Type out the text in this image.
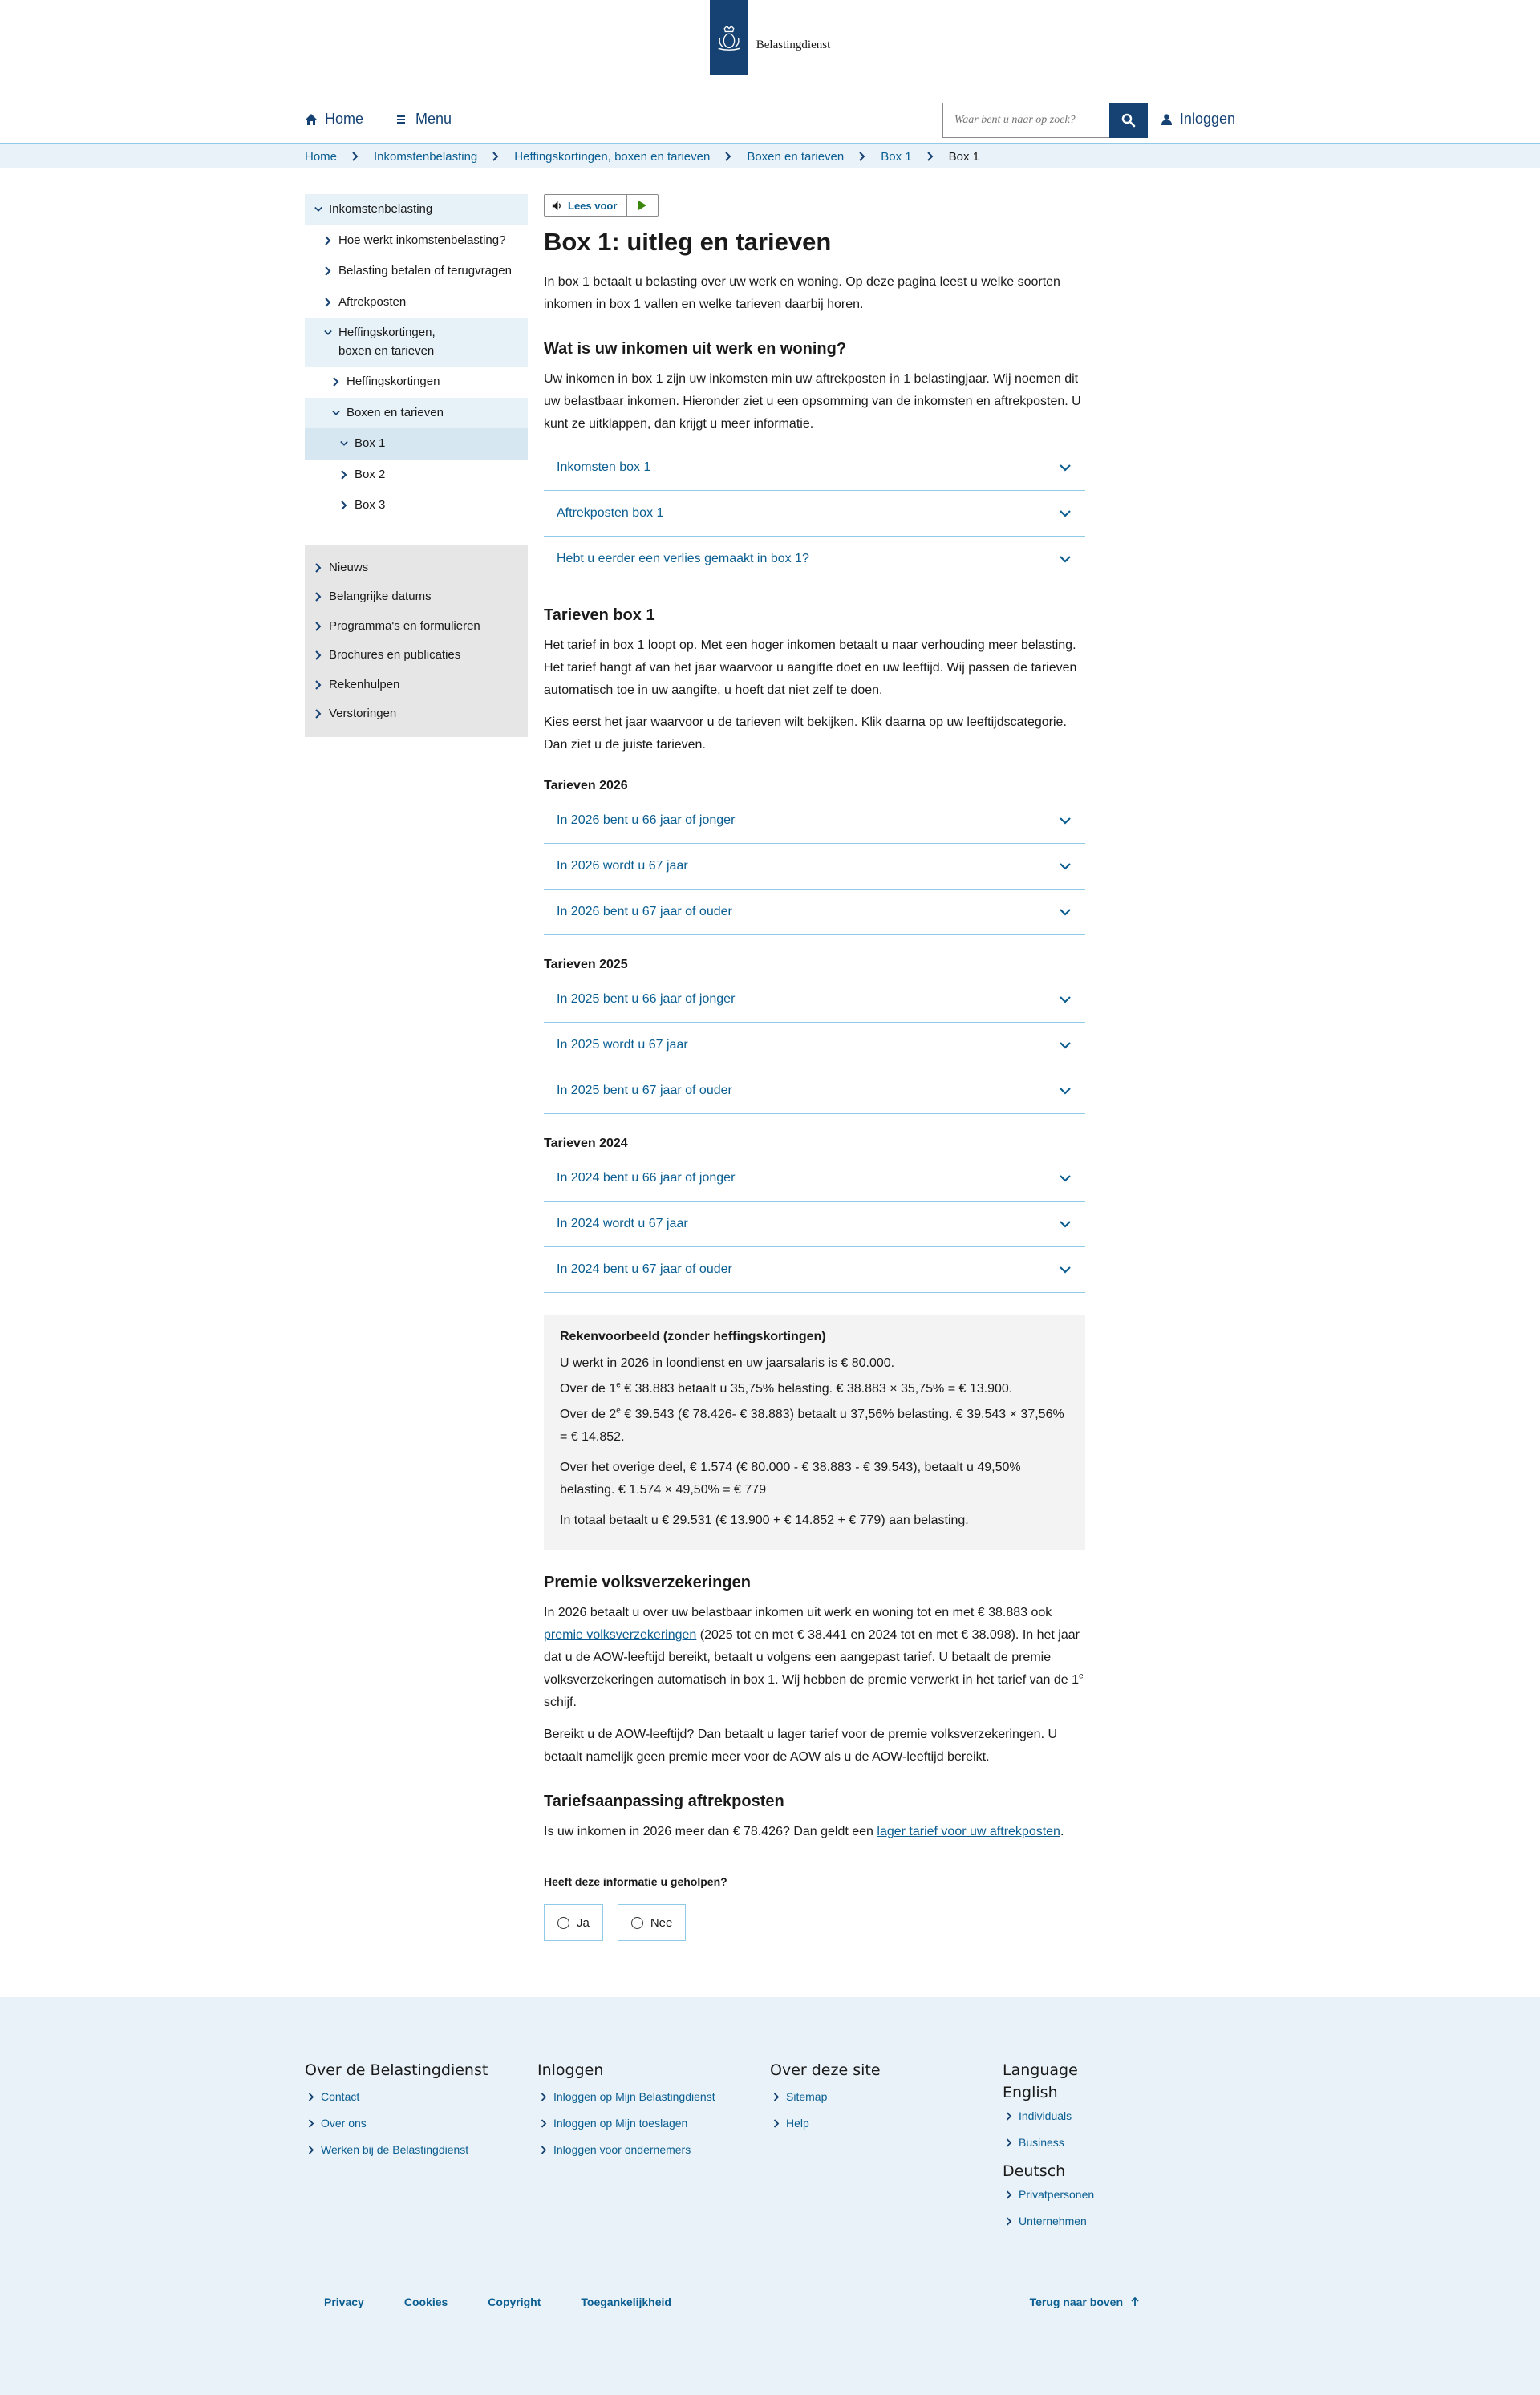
Belastingdienst
Home	Menu
Waar bent u naar op zoek?	Inloggen
Home	Inkomstenbelasting	Heffingskortingen, boxen en tarieven	Boxen en tarieven	Box 1	Box 1
Inkomstenbelasting
Hoe werkt inkomstenbelasting?
Belasting betalen of terugvragen
Aftrekposten
Heffingskortingen, boxen en tarieven
Heffingskortingen
Boxen en tarieven
Box 1
Box 2
Box 3
Nieuws
Belangrijke datums
Programma's en formulieren
Brochures en publicaties
Rekenhulpen
Verstoringen
Lees voor
Box 1: uitleg en tarieven

In box 1 betaalt u belasting over uw werk en woning. Op deze pagina leest u welke soorten inkomen in box 1 vallen en welke tarieven daarbij horen.

Wat is uw inkomen uit werk en woning?

Uw inkomen in box 1 zijn uw inkomsten min uw aftrekposten in 1 belastingjaar. Wij noemen dit uw belastbaar inkomen. Hieronder ziet u een opsomming van de inkomsten en aftrekposten. U kunt ze uitklappen, dan krijgt u meer informatie.

Inkomsten box 1
Aftrekposten box 1
Hebt u eerder een verlies gemaakt in box 1?
Tarieven box 1

Het tarief in box 1 loopt op. Met een hoger inkomen betaalt u naar verhouding meer belasting. Het tarief hangt af van het jaar waarvoor u aangifte doet en uw leeftijd. Wij passen de tarieven automatisch toe in uw aangifte, u hoeft dat niet zelf te doen.

Kies eerst het jaar waarvoor u de tarieven wilt bekijken. Klik daarna op uw leeftijdscategorie. Dan ziet u de juiste tarieven.

Tarieven 2026
In 2026 bent u 66 jaar of jonger
In 2026 wordt u 67 jaar
In 2026 bent u 67 jaar of ouder
Tarieven 2025
In 2025 bent u 66 jaar of jonger
In 2025 wordt u 67 jaar
In 2025 bent u 67 jaar of ouder
Tarieven 2024
In 2024 bent u 66 jaar of jonger
In 2024 wordt u 67 jaar
In 2024 bent u 67 jaar of ouder
Rekenvoorbeeld (zonder heffingskortingen)

U werkt in 2026 in loondienst en uw jaarsalaris is € 80.000.

Over de 1e € 38.883 betaalt u 35,75% belasting. € 38.883 × 35,75% = € 13.900.

Over de 2e € 39.543 (€ 78.426- € 38.883) betaalt u 37,56% belasting. € 39.543 × 37,56% = € 14.852.

Over het overige deel, € 1.574 (€ 80.000 - € 38.883 - € 39.543), betaalt u 49,50% belasting. € 1.574 × 49,50% = € 779

In totaal betaalt u € 29.531 (€ 13.900 + € 14.852 + € 779) aan belasting.

Premie volksverzekeringen

In 2026 betaalt u over uw belastbaar inkomen uit werk en woning tot en met € 38.883 ook premie volksverzekeringen (2025 tot en met € 38.441 en 2024 tot en met € 38.098). In het jaar dat u de AOW-leeftijd bereikt, betaalt u volgens een aangepast tarief. U betaalt de premie volksverzekeringen automatisch in box 1. Wij hebben de premie verwerkt in het tarief van de 1e schijf.

Bereikt u de AOW-leeftijd? Dan betaalt u lager tarief voor de premie volksverzekeringen. U betaalt namelijk geen premie meer voor de AOW als u de AOW-leeftijd bereikt.

Tariefsaanpassing aftrekposten

Is uw inkomen in 2026 meer dan € 78.426? Dan geldt een lager tarief voor uw aftrekposten.

Heeft deze informatie u geholpen?
Ja	Nee
Over de Belastingdienst
Contact
Over ons
Werken bij de Belastingdienst
Inloggen
Inloggen op Mijn Belastingdienst
Inloggen op Mijn toeslagen
Inloggen voor ondernemers
Over deze site
Sitemap
Help
Language
English
Individuals
Business
Deutsch
Privatpersonen
Unternehmen
Privacy	Cookies	Copyright	Toegankelijkheid	Terug naar boven
